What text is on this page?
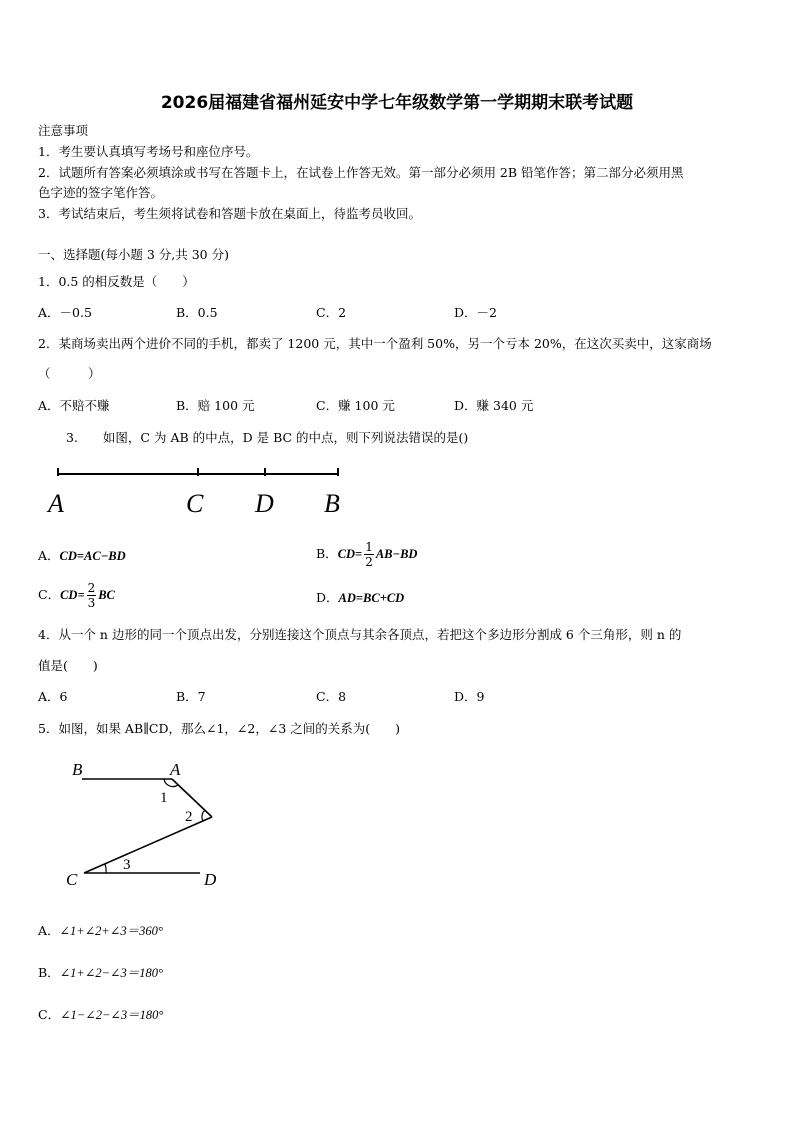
2026届福建省福州延安中学七年级数学第一学期期末联考试题
注意事项
1．考生要认真填写考场号和座位序号。
2．试题所有答案必须填涂或书写在答题卡上，在试卷上作答无效。第一部分必须用 2B 铅笔作答；第二部分必须用黑
色字迹的签字笔作答。
3．考试结束后，考生须将试卷和答题卡放在桌面上，待监考员收回。
一、选择题(每小题 3 分,共 30 分)
1．0.5 的相反数是（　　）
A．－0.5	B．0.5	C．2	D．－2
2．某商场卖出两个进价不同的手机，都卖了 1200 元，其中一个盈利 50%，另一个亏本 20%，在这次买卖中，这家商场
（　　　）
A．不赔不赚	B．赔 100 元	C．赚 100 元	D．赚 340 元
3.　　如图，C 为 AB 的中点，D 是 BC 的中点，则下列说法错误的是()
A	C D B
A．CD=AC−BD	B．$CD= \frac{1}{2} AB-BD$
C．$CD= \frac{2}{3}$ BC	D．AD=BC+CD
4．从一个 n 边形的同一个顶点出发，分别连接这个顶点与其余各顶点，若把这个多边形分割成 6 个三角形，则 n 的
值是(　　)
A．6	B．7	C．8	D．9
5．如图，如果 AB∥CD，那么∠1，∠2，∠3 之间的关系为(　　)
B	A
1
2
3
C	D
A．∠1+∠2+∠3＝360°
B．∠1+∠2−∠3＝180°
C．∠1−∠2−∠3＝180°
